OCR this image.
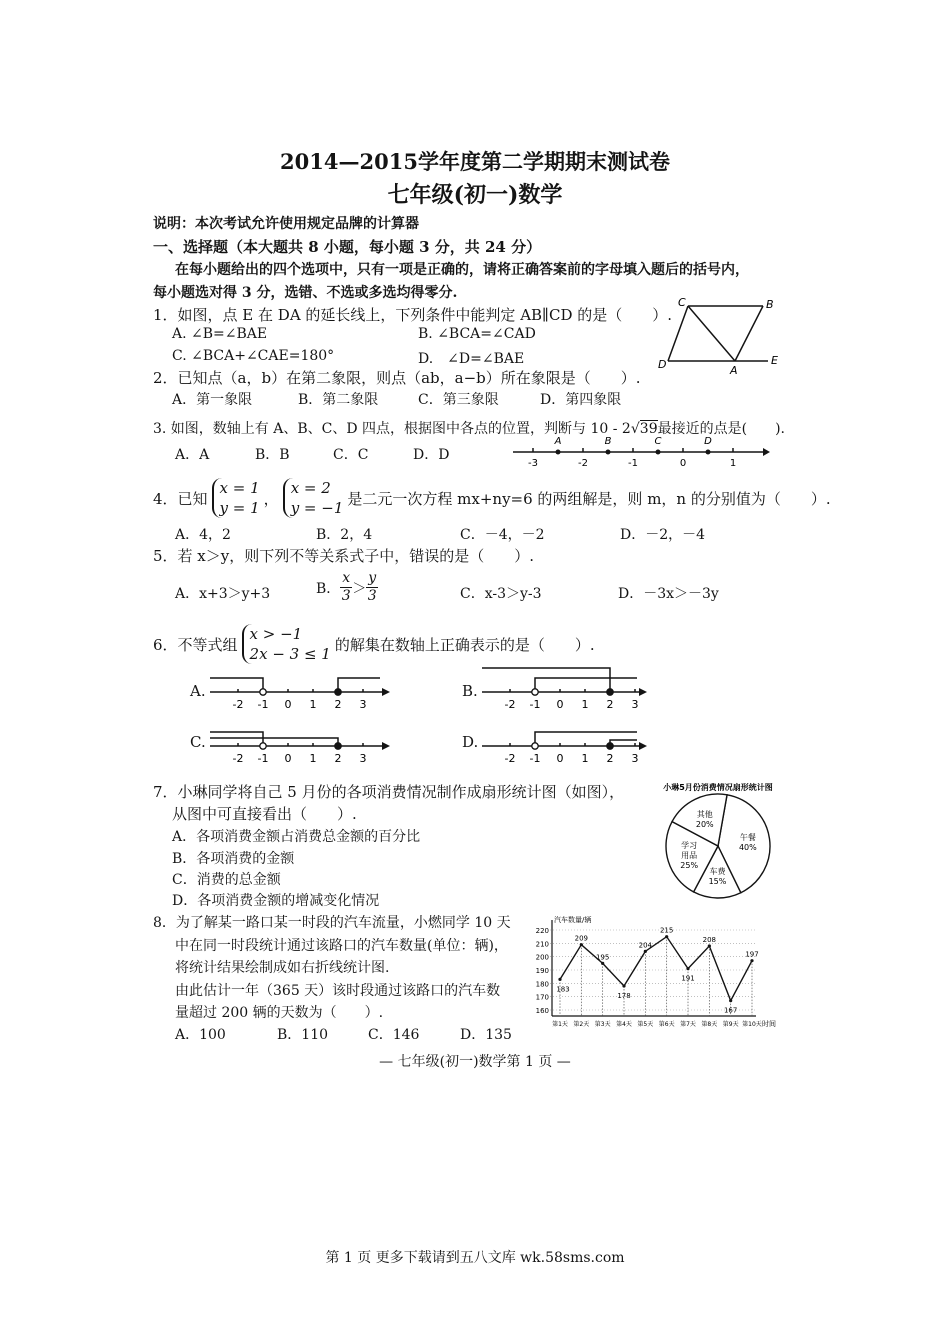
2014—2015学年度第二学期期末测试卷
七年级(初一)数学
说明：本次考试允许使用规定品牌的计算器
一、选择题（本大题共 8 小题，每小题 3 分，共 24 分）
在每小题给出的四个选项中，只有一项是正确的，请将正确答案前的字母填入题后的括号内，
每小题选对得 3 分，选错、不选或多选均得零分.
1．如图，点 E 在 DA 的延长线上，下列条件中能判定 AB∥CD 的是（　　）.
A. ∠B=∠BAE	B. ∠BCA=∠CAD
C. ∠BCA+∠CAE=180°	D.　∠D=∠BAE
C	B
D	A
E
2．已知点（a，b）在第二象限，则点（ab，a−b）所在象限是（　　）.
A．第一象限	B．第二象限	C．第三象限	D．第四象限
3. 如图，数轴上有 A、B、C、D 四点，根据图中各点的位置，判断与 10 - 2√39最接近的点是(　　).
A．A	B．B	C．C	D．D
-3	-2	-1	0	1
A	B	C	D
4．已知
x = 1
y = 1
，
x = 2
y = −1
是二元一次方程 mx+ny=6 的两组解是，则 m，n 的分别值为（　　）.
A．4，2	B．2，4	C．－4，－2	D．－2，－4
5．若 x＞y，则下列不等关系式子中，错误的是（　　）.
A．x+3＞y+3	B． $\frac{x}{3} > \frac{y}{3}$	C．x-3＞y-3	D．－3x＞－3y
6．不等式组
x > −1
2x − 3 ≤ 1
的解集在数轴上正确表示的是（　　）.
A.	B.
C.	D.
-2 -1 0 1 2 3	-2 -1 0 1 2 3
-2 -1 0 1 2 3	-2 -1 0 1 2 3
7．小琳同学将自己 5 月份的各项消费情况制作成扇形统计图（如图），
从图中可直接看出（　　）.
A．各项消费金额占消费总金额的百分比
B．各项消费的金额
C．消费的总金额
D．各项消费金额的增减变化情况
小琳5月份消费情况扇形统计图
午餐 40%
车费 15%
学习用品 25%
其他 20%
8．为了解某一路口某一时段的汽车流量，小燃同学 10 天
中在同一时段统计通过该路口的汽车数量(单位：辆)，
将统计结果绘制成如右折线统计图.
由此估计一年（365 天）该时段通过该路口的汽车数
量超过 200 辆的天数为（　　）.
A．100	B．110	C．146	D．135
汽车数量/辆
时间
220
210
200
190
180
170
160
183
第1天
209
第2天
195
第3天
178
第4天
204
第5天
215
第6天
191
第7天
208
第8天
167
第9天
197
第10天
— 七年级(初一)数学第 1 页 —
第 1 页 更多下载请到五八文库 wk.58sms.com
